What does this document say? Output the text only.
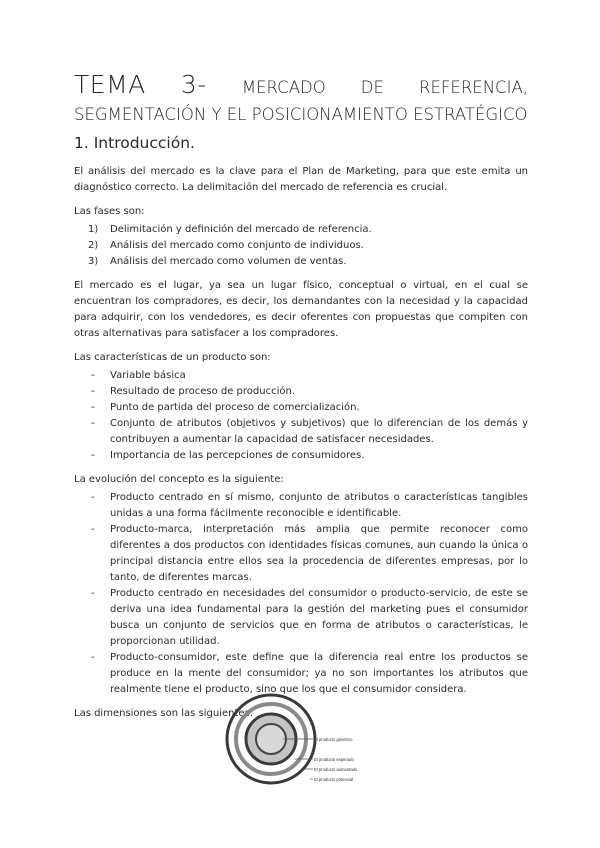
TEMA 3- MERCADO DE REFERENCIA,
SEGMENTACIÓN Y EL POSICIONAMIENTO ESTRATÉGICO
1. Introducción.

El análisis del mercado es la clave para el Plan de Marketing, para que este emita un diagnóstico correcto. La delimitación del mercado de referencia es crucial.

Las fases son:

1) Delimitación y definición del mercado de referencia.
2) Análisis del mercado como conjunto de individuos.
3) Análisis del mercado como volumen de ventas.

El mercado es el lugar, ya sea un lugar físico, conceptual o virtual, en el cual se encuentran los compradores, es decir, los demandantes con la necesidad y la capacidad para adquirir, con los vendedores, es decir oferentes con propuestas que compiten con otras alternativas para satisfacer a los compradores.

Las características de un producto son:

- Variable básica
- Resultado de proceso de producción.
- Punto de partida del proceso de comercialización.
- Conjunto de atributos (objetivos y subjetivos) que lo diferencian de los demás y contribuyen a aumentar la capacidad de satisfacer necesidades.
- Importancia de las percepciones de consumidores.

La evolución del concepto es la siguiente:

- Producto centrado en sí mismo, conjunto de atributos o características tangibles unidas a una forma fácilmente reconocible e identificable.
- Producto-marca, interpretación más amplia que permite reconocer como diferentes a dos productos con identidades físicas comunes, aun cuando la única o principal distancia entre ellos sea la procedencia de diferentes empresas, por lo tanto, de diferentes marcas.
- Producto centrado en necesidades del consumidor o producto-servicio, de este se deriva una idea fundamental para la gestión del marketing pues el consumidor busca un conjunto de servicios que en forma de atributos o características, le proporcionan utilidad.
- Producto-consumidor, este define que la diferencia real entre los productos se produce en la mente del consumidor; ya no son importantes los atributos que realmente tiene el producto, sino que los que el consumidor considera.

Las dimensiones son las siguientes:

El producto genérico
El producto esperado
El producto aumentado
El producto potencial
